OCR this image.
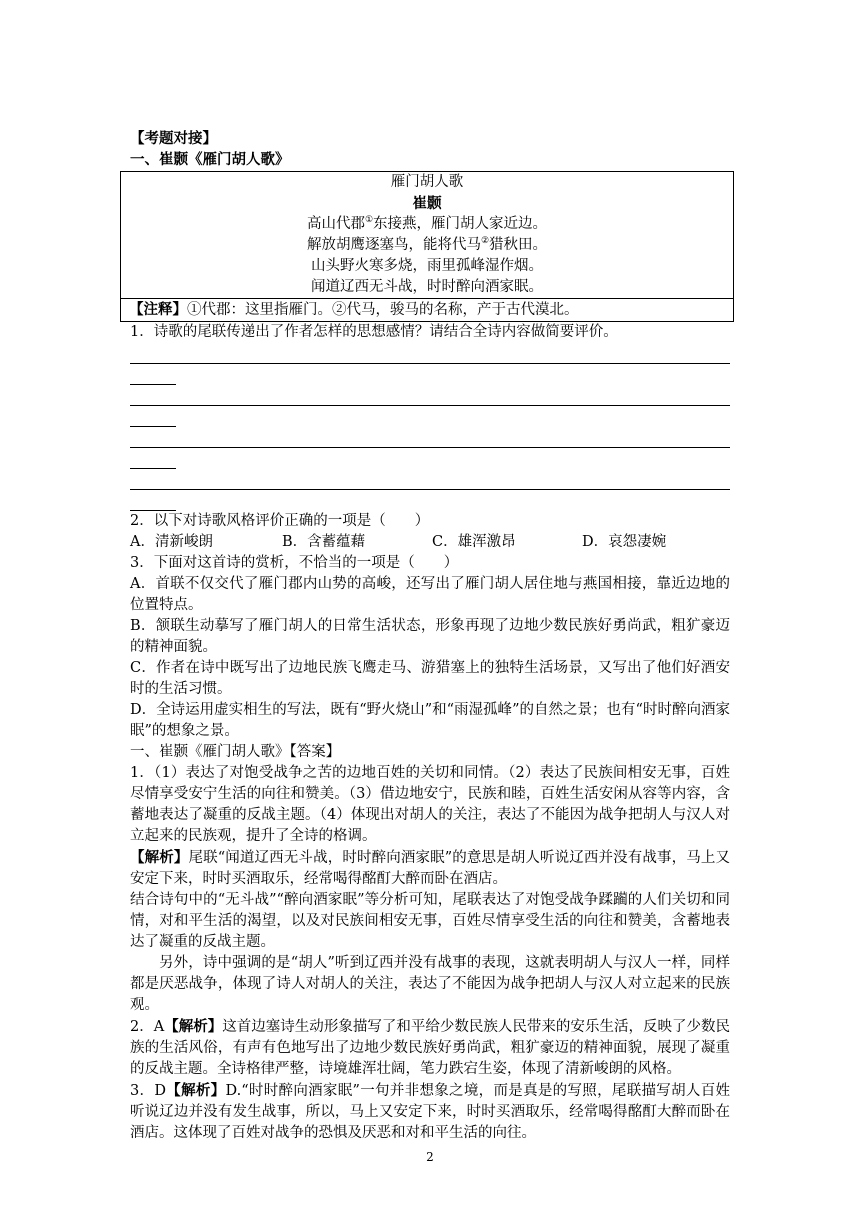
【考题对接】
一、崔颢《雁门胡人歌》
雁门胡人歌
崔颢
高山代郡①东接燕，雁门胡人家近边。
解放胡鹰逐塞鸟，能将代马②猎秋田。
山头野火寒多烧，雨里孤峰湿作烟。
闻道辽西无斗战，时时醉向酒家眠。
【注释】①代郡：这里指雁门。②代马，骏马的名称，产于古代漠北。
1．诗歌的尾联传递出了作者怎样的思想感情？请结合全诗内容做简要评价。
2．以下对诗歌风格评价正确的一项是（　　）
A．清新峻朗	B．含蓄蕴藉	C．雄浑激昂	D．哀怨凄婉
3．下面对这首诗的赏析，不恰当的一项是（　　）
A．首联不仅交代了雁门郡内山势的高峻，还写出了雁门胡人居住地与燕国相接，靠近边地的位置特点。
B．颔联生动摹写了雁门胡人的日常生活状态，形象再现了边地少数民族好勇尚武，粗犷豪迈的精神面貌。
C．作者在诗中既写出了边地民族飞鹰走马、游猎塞上的独特生活场景，又写出了他们好酒安时的生活习惯。
D．全诗运用虚实相生的写法，既有“野火烧山”和“雨湿孤峰”的自然之景；也有“时时醉向酒家眠”的想象之景。
一、崔颢《雁门胡人歌》【答案】
1．（1）表达了对饱受战争之苦的边地百姓的关切和同情。（2）表达了民族间相安无事，百姓尽情享受安宁生活的向往和赞美。（3）借边地安宁，民族和睦，百姓生活安闲从容等内容，含蓄地表达了凝重的反战主题。（4）体现出对胡人的关注，表达了不能因为战争把胡人与汉人对立起来的民族观，提升了全诗的格调。
【解析】尾联“闻道辽西无斗战，时时醉向酒家眠”的意思是胡人听说辽西并没有战事，马上又安定下来，时时买酒取乐，经常喝得酩酊大醉而卧在酒店。
结合诗句中的“无斗战”“醉向酒家眠”等分析可知，尾联表达了对饱受战争蹂躏的人们关切和同情，对和平生活的渴望，以及对民族间相安无事，百姓尽情享受生活的向往和赞美，含蓄地表达了凝重的反战主题。
另外，诗中强调的是“胡人”听到辽西并没有战事的表现，这就表明胡人与汉人一样，同样都是厌恶战争，体现了诗人对胡人的关注，表达了不能因为战争把胡人与汉人对立起来的民族观。
2．A【解析】这首边塞诗生动形象描写了和平给少数民族人民带来的安乐生活，反映了少数民族的生活风俗，有声有色地写出了边地少数民族好勇尚武，粗犷豪迈的精神面貌，展现了凝重的反战主题。全诗格律严整，诗境雄浑壮阔，笔力跌宕生姿，体现了清新峻朗的风格。
3．D【解析】D.“时时醉向酒家眠”一句并非想象之境，而是真是的写照，尾联描写胡人百姓听说辽边并没有发生战事，所以，马上又安定下来，时时买酒取乐，经常喝得酩酊大醉而卧在酒店。这体现了百姓对战争的恐惧及厌恶和对和平生活的向往。
2
